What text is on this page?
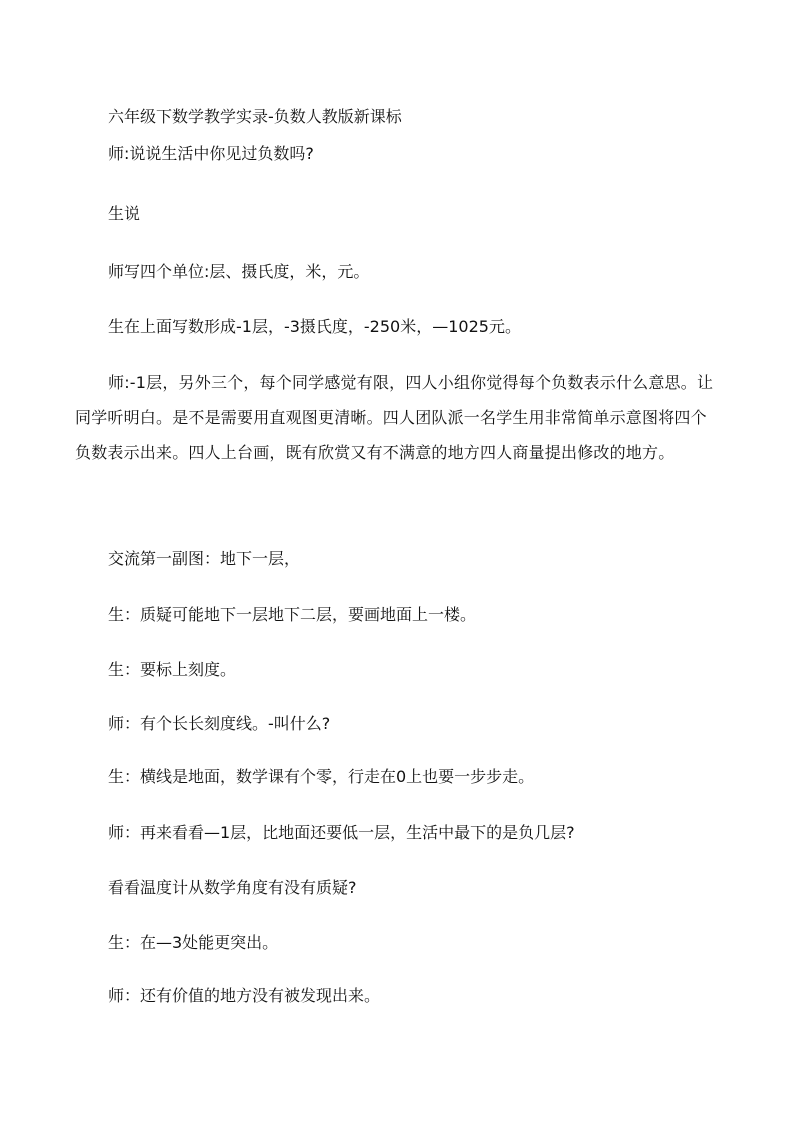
六年级下数学教学实录-负数人教版新课标
师:说说生活中你见过负数吗?
生说
师写四个单位:层、摄氏度，米，元。
生在上面写数形成-1层，-3摄氏度，-250米，—1025元。
师:-1层，另外三个，每个同学感觉有限，四人小组你觉得每个负数表示什么意思。让同学听明白。是不是需要用直观图更清晰。四人团队派一名学生用非常简单示意图将四个负数表示出来。四人上台画，既有欣赏又有不满意的地方四人商量提出修改的地方。
交流第一副图：地下一层，
生：质疑可能地下一层地下二层，要画地面上一楼。
生：要标上刻度。
师：有个长长刻度线。-叫什么?
生：横线是地面，数学课有个零，行走在0上也要一步步走。
师：再来看看—1层，比地面还要低一层，生活中最下的是负几层?
看看温度计从数学角度有没有质疑?
生：在—3处能更突出。
师：还有价值的地方没有被发现出来。
